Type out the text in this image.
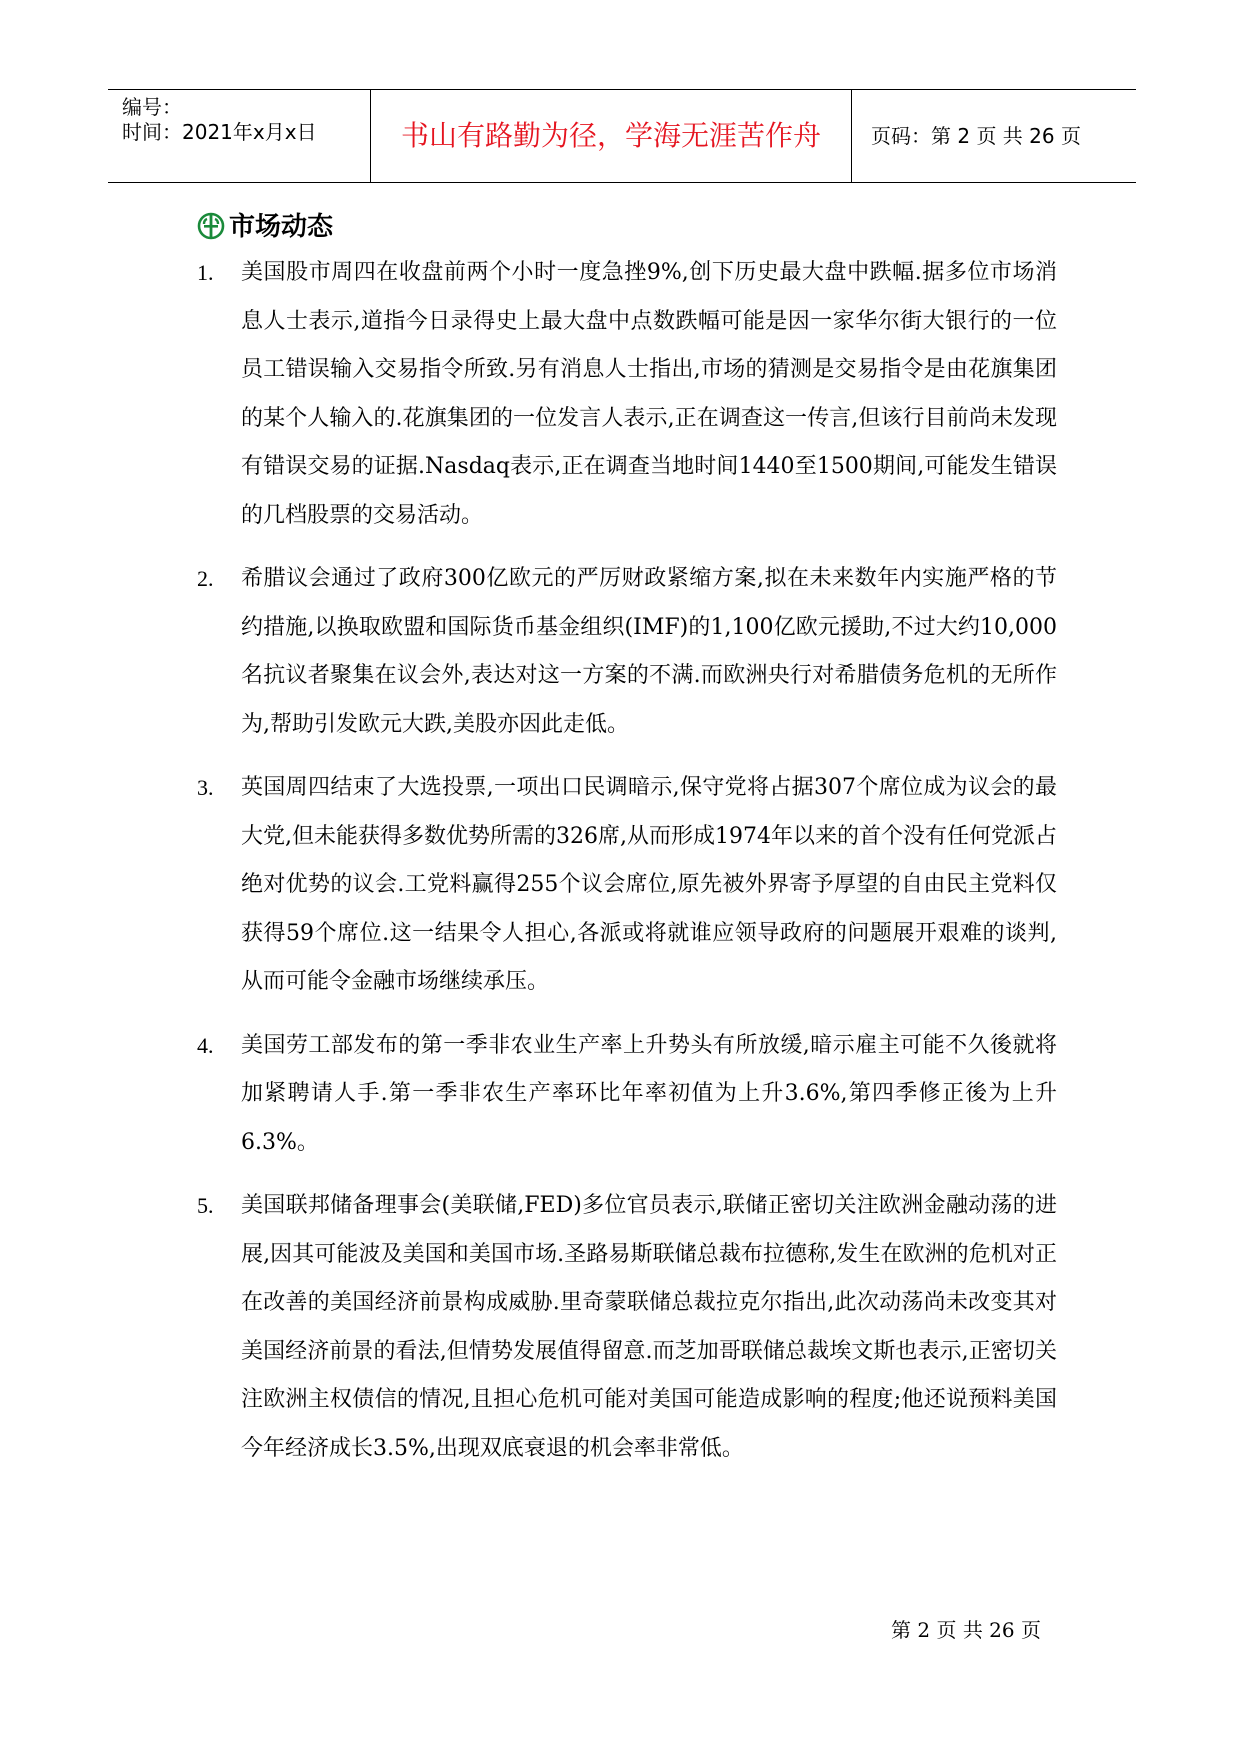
编号：
时间：2021年x月x日	书山有路勤为径，学海无涯苦作舟	页码：第 2 页 共 26 页
市场动态
1. 美国股市周四在收盘前两个小时一度急挫9%,创下历史最大盘中跌幅.据多位市场消息人士表示,道指今日录得史上最大盘中点数跌幅可能是因一家华尔街大银行的一位员工错误输入交易指令所致.另有消息人士指出,市场的猜测是交易指令是由花旗集团的某个人输入的.花旗集团的一位发言人表示,正在调查这一传言,但该行目前尚未发现有错误交易的证据.Nasdaq表示,正在调查当地时间1440至1500期间,可能发生错误的几档股票的交易活动。
2. 希腊议会通过了政府300亿欧元的严厉财政紧缩方案,拟在未来数年内实施严格的节约措施,以换取欧盟和国际货币基金组织(IMF)的1,100亿欧元援助,不过大约10,000名抗议者聚集在议会外,表达对这一方案的不满.而欧洲央行对希腊债务危机的无所作为,帮助引发欧元大跌,美股亦因此走低。
3. 英国周四结束了大选投票,一项出口民调暗示,保守党将占据307个席位成为议会的最大党,但未能获得多数优势所需的326席,从而形成1974年以来的首个没有任何党派占绝对优势的议会.工党料赢得255个议会席位,原先被外界寄予厚望的自由民主党料仅获得59个席位.这一结果令人担心,各派或将就谁应领导政府的问题展开艰难的谈判,从而可能令金融市场继续承压。
4. 美国劳工部发布的第一季非农业生产率上升势头有所放缓,暗示雇主可能不久後就将加紧聘请人手.第一季非农生产率环比年率初值为上升3.6%,第四季修正後为上升6.3%。
5. 美国联邦储备理事会(美联储,FED)多位官员表示,联储正密切关注欧洲金融动荡的进展,因其可能波及美国和美国市场.圣路易斯联储总裁布拉德称,发生在欧洲的危机对正在改善的美国经济前景构成威胁.里奇蒙联储总裁拉克尔指出,此次动荡尚未改变其对美国经济前景的看法,但情势发展值得留意.而芝加哥联储总裁埃文斯也表示,正密切关注欧洲主权债信的情况,且担心危机可能对美国可能造成影响的程度;他还说预料美国今年经济成长3.5%,出现双底衰退的机会率非常低。
第 2 页 共 26 页
